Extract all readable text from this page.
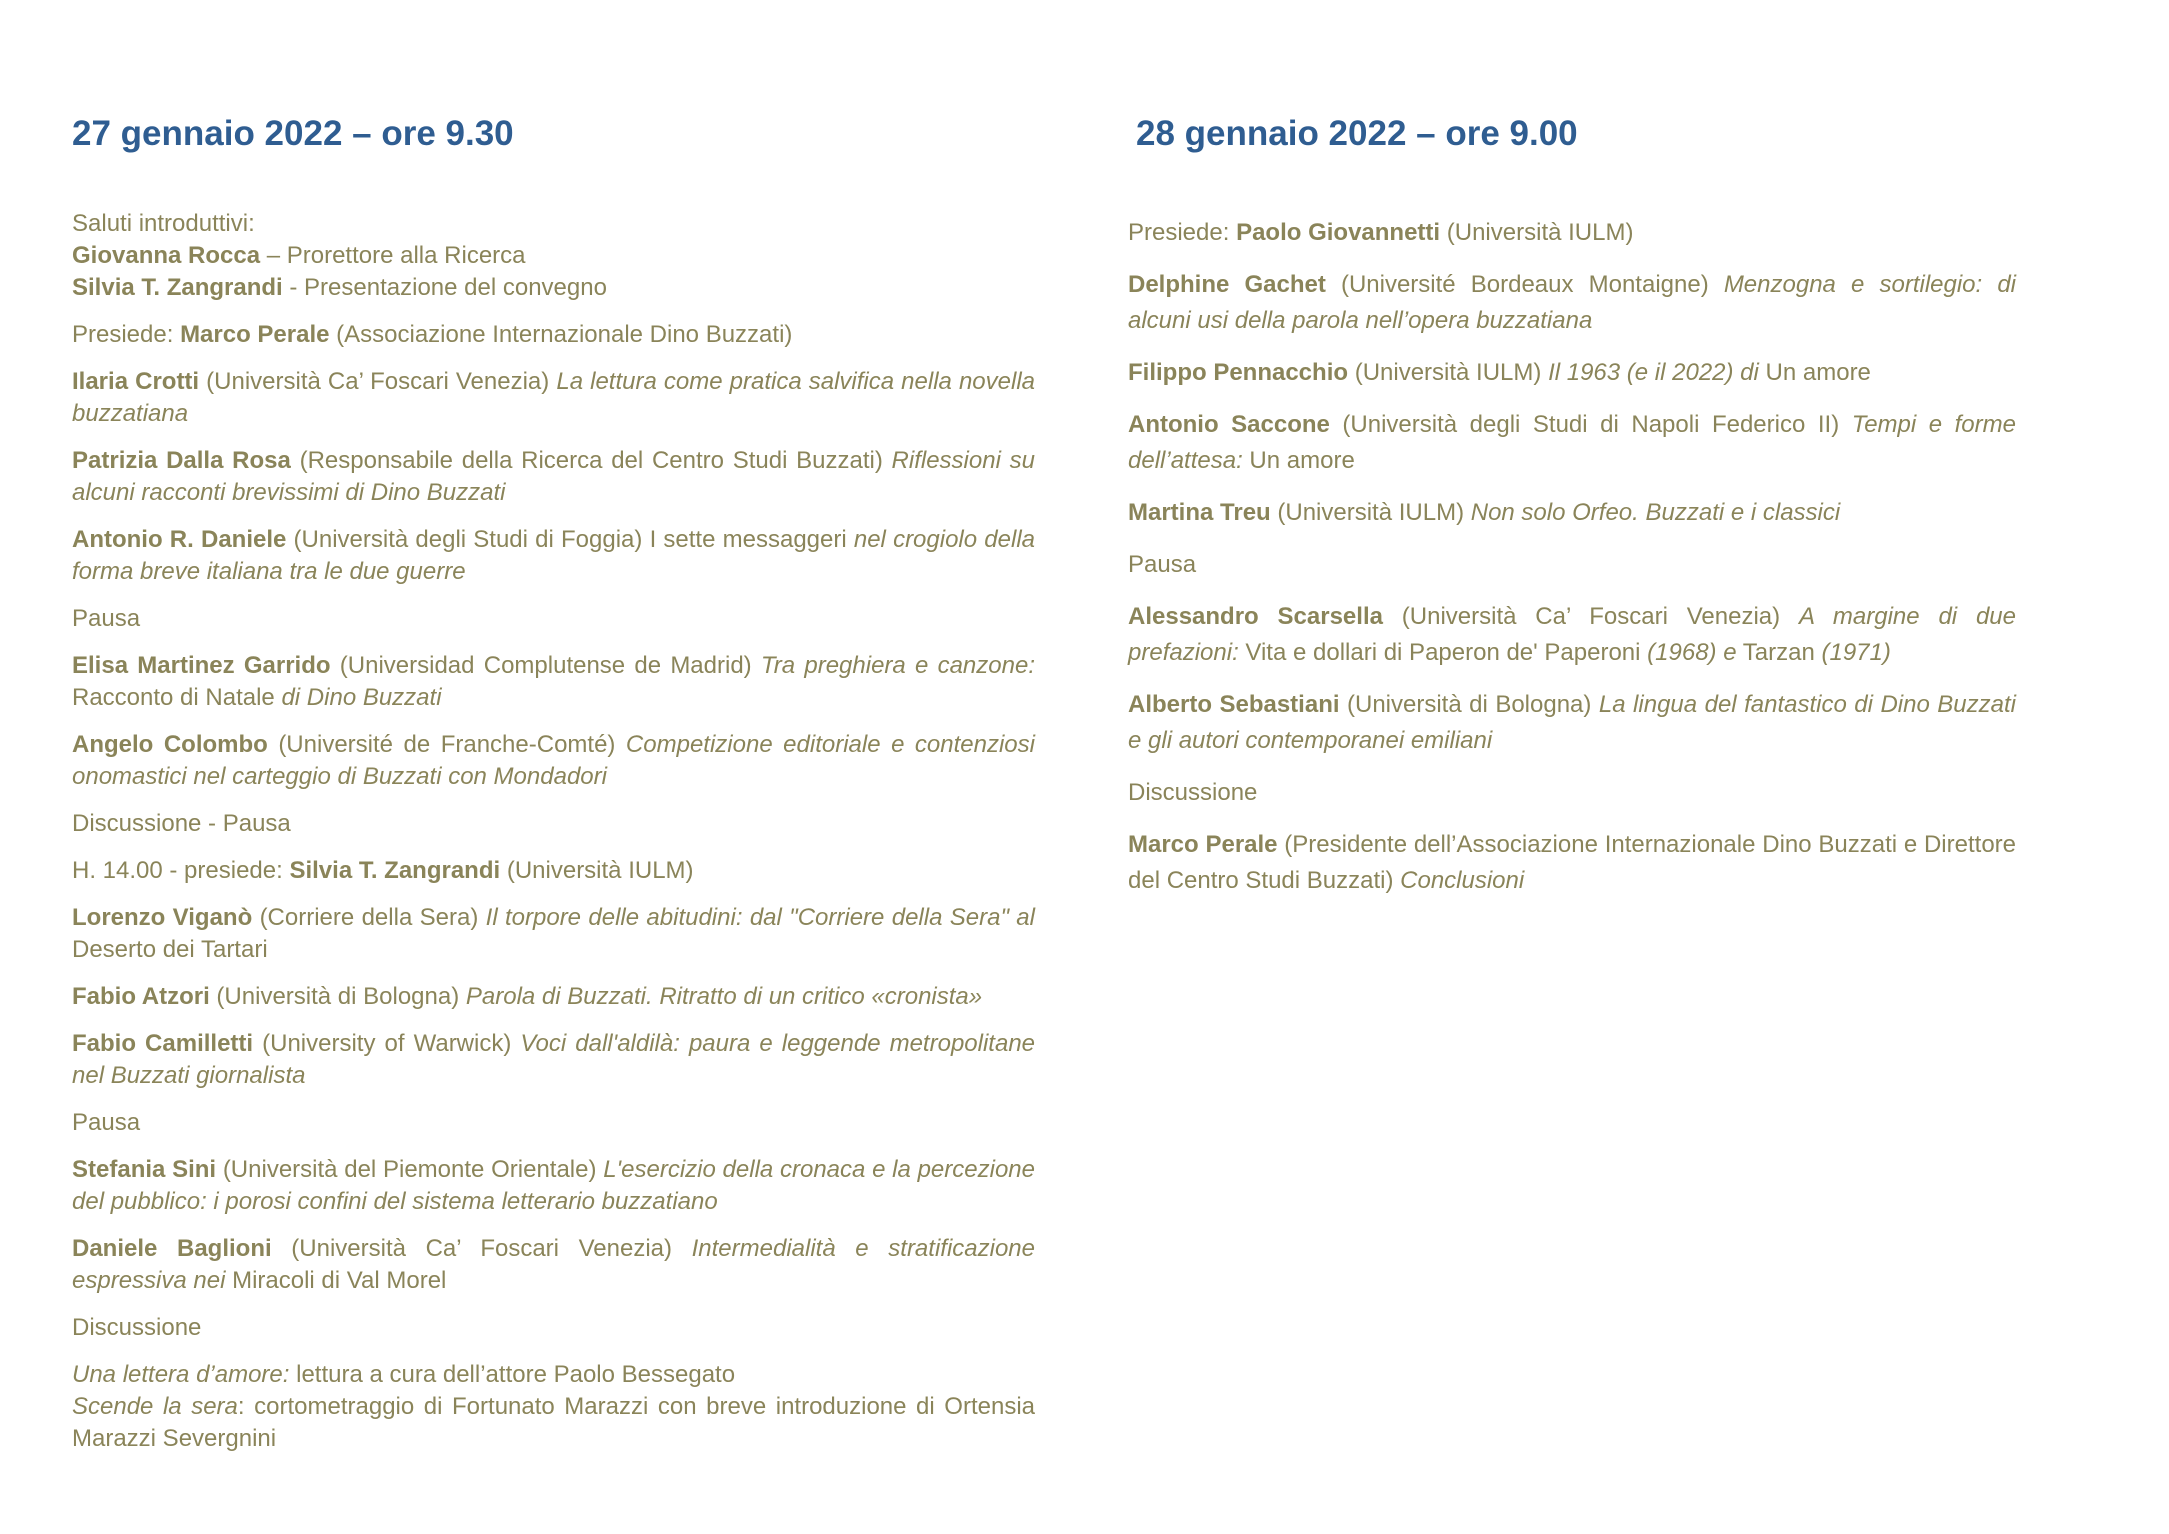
27 gennaio 2022 – ore 9.30

Saluti introduttivi:
Giovanna Rocca – Prorettore alla Ricerca
Silvia T. Zangrandi - Presentazione del convegno

Presiede: Marco Perale (Associazione Internazionale Dino Buzzati)

Ilaria Crotti (Università Ca’ Foscari Venezia) La lettura come pratica salvifica nella novella buzzatiana

Patrizia Dalla Rosa (Responsabile della Ricerca del Centro Studi Buzzati) Riflessioni su alcuni racconti brevissimi di Dino Buzzati

Antonio R. Daniele (Università degli Studi di Foggia) I sette messaggeri nel crogiolo della forma breve italiana tra le due guerre

Pausa

Elisa Martinez Garrido (Universidad Complutense de Madrid) Tra preghiera e canzone: Racconto di Natale di Dino Buzzati

Angelo Colombo (Université de Franche-Comté) Competizione editoriale e contenziosi onomastici nel carteggio di Buzzati con Mondadori

Discussione - Pausa

H. 14.00 - presiede: Silvia T. Zangrandi (Università IULM)

Lorenzo Viganò (Corriere della Sera) Il torpore delle abitudini: dal "Corriere della Sera" al Deserto dei Tartari

Fabio Atzori (Università di Bologna) Parola di Buzzati. Ritratto di un critico «cronista»

Fabio Camilletti (University of Warwick) Voci dall'aldilà: paura e leggende metropolitane nel Buzzati giornalista

Pausa

Stefania Sini (Università del Piemonte Orientale) L'esercizio della cronaca e la percezione del pubblico: i porosi confini del sistema letterario buzzatiano

Daniele Baglioni (Università Ca’ Foscari Venezia) Intermedialità e stratificazione espressiva nei Miracoli di Val Morel

Discussione

Una lettera d’amore: lettura a cura dell’attore Paolo Bessegato
Scende la sera: cortometraggio di Fortunato Marazzi con breve introduzione di Ortensia Marazzi Severgnini

28 gennaio 2022 – ore 9.00

Presiede: Paolo Giovannetti (Università IULM)

Delphine Gachet (Université Bordeaux Montaigne) Menzogna e sortilegio: di alcuni usi della parola nell’opera buzzatiana

Filippo Pennacchio (Università IULM) Il 1963 (e il 2022) di Un amore

Antonio Saccone (Università degli Studi di Napoli Federico II) Tempi e forme dell’attesa: Un amore

Martina Treu (Università IULM) Non solo Orfeo. Buzzati e i classici

Pausa

Alessandro Scarsella (Università Ca’ Foscari Venezia) A margine di due prefazioni: Vita e dollari di Paperon de' Paperoni (1968) e Tarzan (1971)

Alberto Sebastiani (Università di Bologna) La lingua del fantastico di Dino Buzzati e gli autori contemporanei emiliani

Discussione

Marco Perale (Presidente dell’Associazione Internazionale Dino Buzzati e Direttore del Centro Studi Buzzati) Conclusioni
